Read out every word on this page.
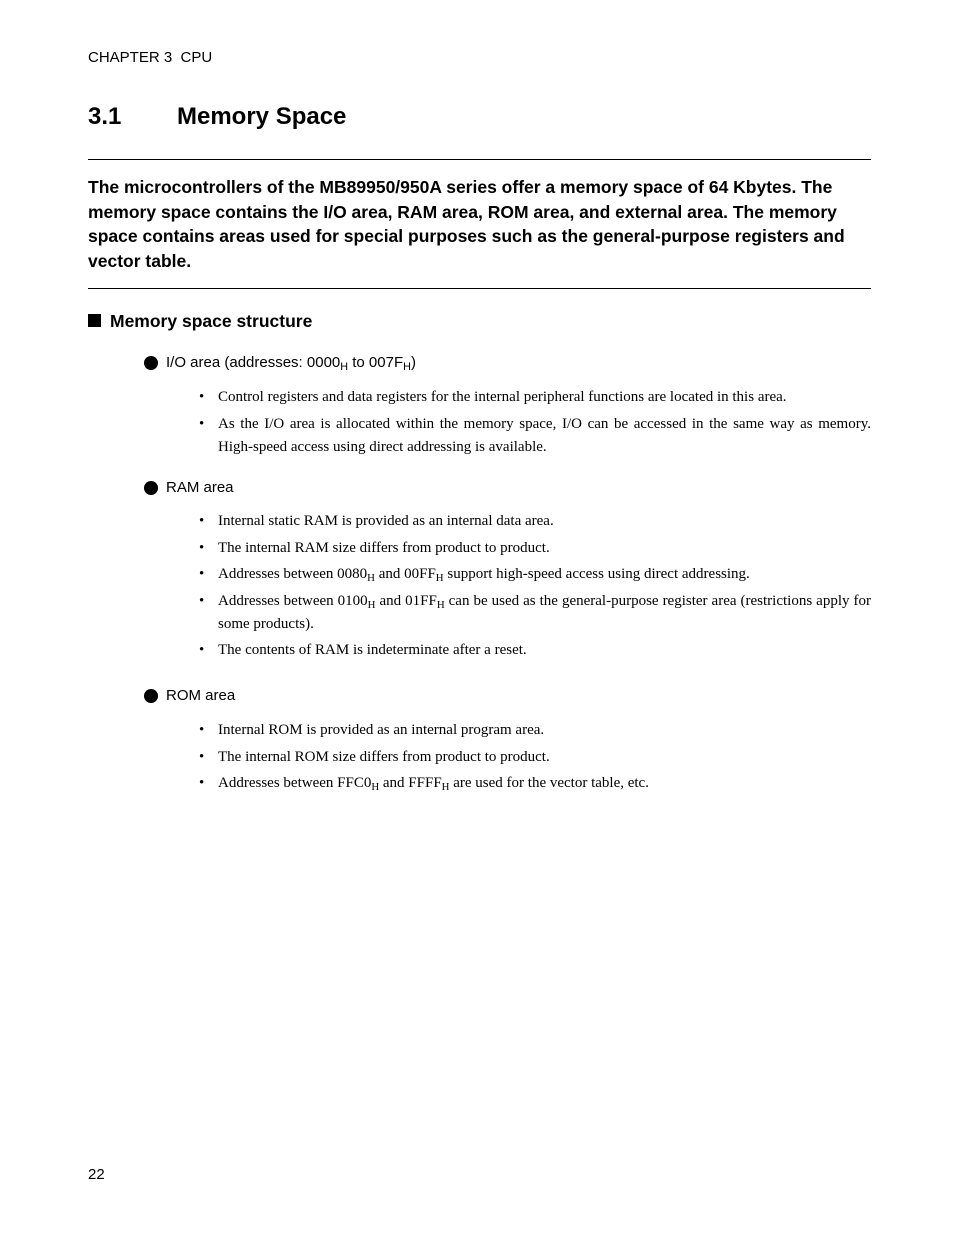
CHAPTER 3  CPU
3.1 Memory Space

The microcontrollers of the MB89950/950A series offer a memory space of 64 Kbytes. The memory space contains the I/O area, RAM area, ROM area, and external area. The memory space contains areas used for special purposes such as the general-purpose registers and vector table.

Memory space structure
I/O area (addresses: $0000_H$ to $007F_H$)
• Control registers and data registers for the internal peripheral functions are located in this area.
• As the I/O area is allocated within the memory space, I/O can be accessed in the same way as memory. High-speed access using direct addressing is available.
RAM area
• Internal static RAM is provided as an internal data area.
• The internal RAM size differs from product to product.
• Addresses between $0080_H$ and $00FF_H$ support high-speed access using direct addressing.
• Addresses between $0100_H$ and $01FF_H$ can be used as the general-purpose register area (restrictions apply for some products).
• The contents of RAM is indeterminate after a reset.
ROM area
• Internal ROM is provided as an internal program area.
• The internal ROM size differs from product to product.
• Addresses between $FFC0_H$ and $FFFF_H$ are used for the vector table, etc.
22
